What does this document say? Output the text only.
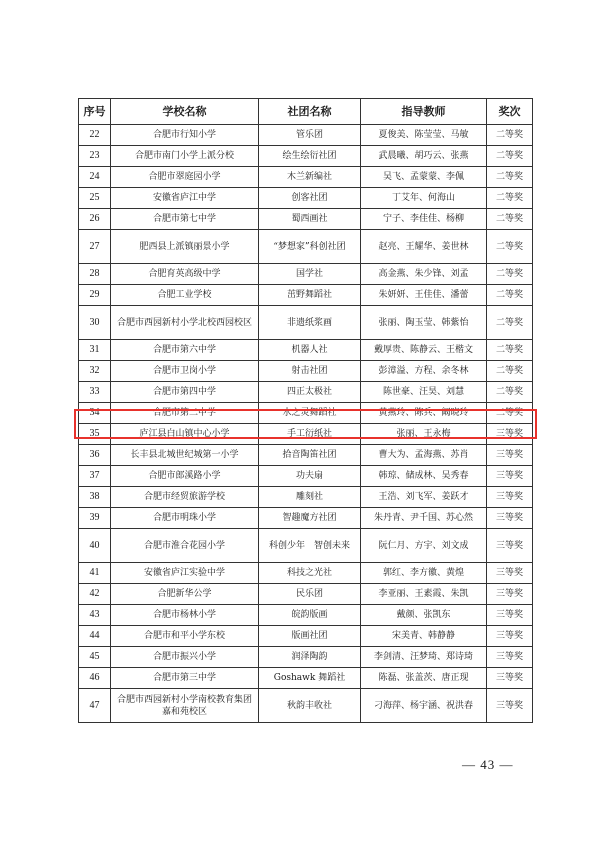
序号	学校名称	社团名称	指导教师	奖次
22	合肥市行知小学	管乐团	夏俊美、陈莹莹、马敏	二等奖
23	合肥市南门小学上派分校	绘生绘衍社团	武晨曦、胡巧云、张燕	二等奖
24	合肥市翠庭园小学	木兰新编社	吴飞、孟蒙蒙、李佩	二等奖
25	安徽省庐江中学	创客社团	丁艾年、何海山	二等奖
26	合肥市第七中学	蜀西画社	宁子、李佳佳、杨柳	二等奖
27	肥西县上派镇丽景小学	“梦想家”科创社团	赵亮、王耀华、姜世林	二等奖
28	合肥育英高级中学	国学社	高金燕、朱少锋、刘孟	二等奖
29	合肥工业学校	茁野舞蹈社	朱妍妍、王佳佳、潘蕾	二等奖
30	合肥市西园新村小学北校西园校区	非遗纸浆画	张丽、陶玉莹、韩紫怡	二等奖
31	合肥市第六中学	机器人社	戴厚贵、陈静云、王楷文	二等奖
32	合肥市卫岗小学	射击社团	彭漳溢、方程、余冬林	二等奖
33	合肥市第四中学	四正太极社	陈世豪、汪昊、刘慧	二等奖
34	合肥市第二中学	水之灵舞蹈社	黄燕玲、陈兵、阚晓玲	二等奖
35	庐江县白山镇中心小学	手工衍纸社	张丽、王永梅	三等奖
36	长丰县北城世纪城第一小学	拾音陶笛社团	曹大为、孟海燕、苏肖	三等奖
37	合肥市郎溪路小学	功夫扇	韩琼、储成林、吴秀春	三等奖
38	合肥市经贸旅游学校	雕刻社	王浩、刘飞军、姜跃才	三等奖
39	合肥市明珠小学	智趣魔方社团	朱丹青、尹千国、苏心然	三等奖
40	合肥市淮合花园小学	科创少年　智创未来	阮仁月、方宇、刘文成	三等奖
41	安徽省庐江实验中学	科技之光社	郭红、李方徽、黄煌	三等奖
42	合肥新华公学	民乐团	李亚丽、王素霞、朱凯	三等奖
43	合肥市杨林小学	皖韵版画	戴颜、张凯东	三等奖
44	合肥市和平小学东校	版画社团	宋美青、韩静静	三等奖
45	合肥市振兴小学	润泽陶韵	李剑清、汪梦琦、郑诗琦	三等奖
46	合肥市第三中学	Goshawk 舞蹈社	陈磊、张盖茨、唐正现	三等奖
47	合肥市西园新村小学南校教育集团嘉和苑校区	秋韵丰收社	刁海萍、杨宇涵、祝洪春	三等奖
— 43 —
